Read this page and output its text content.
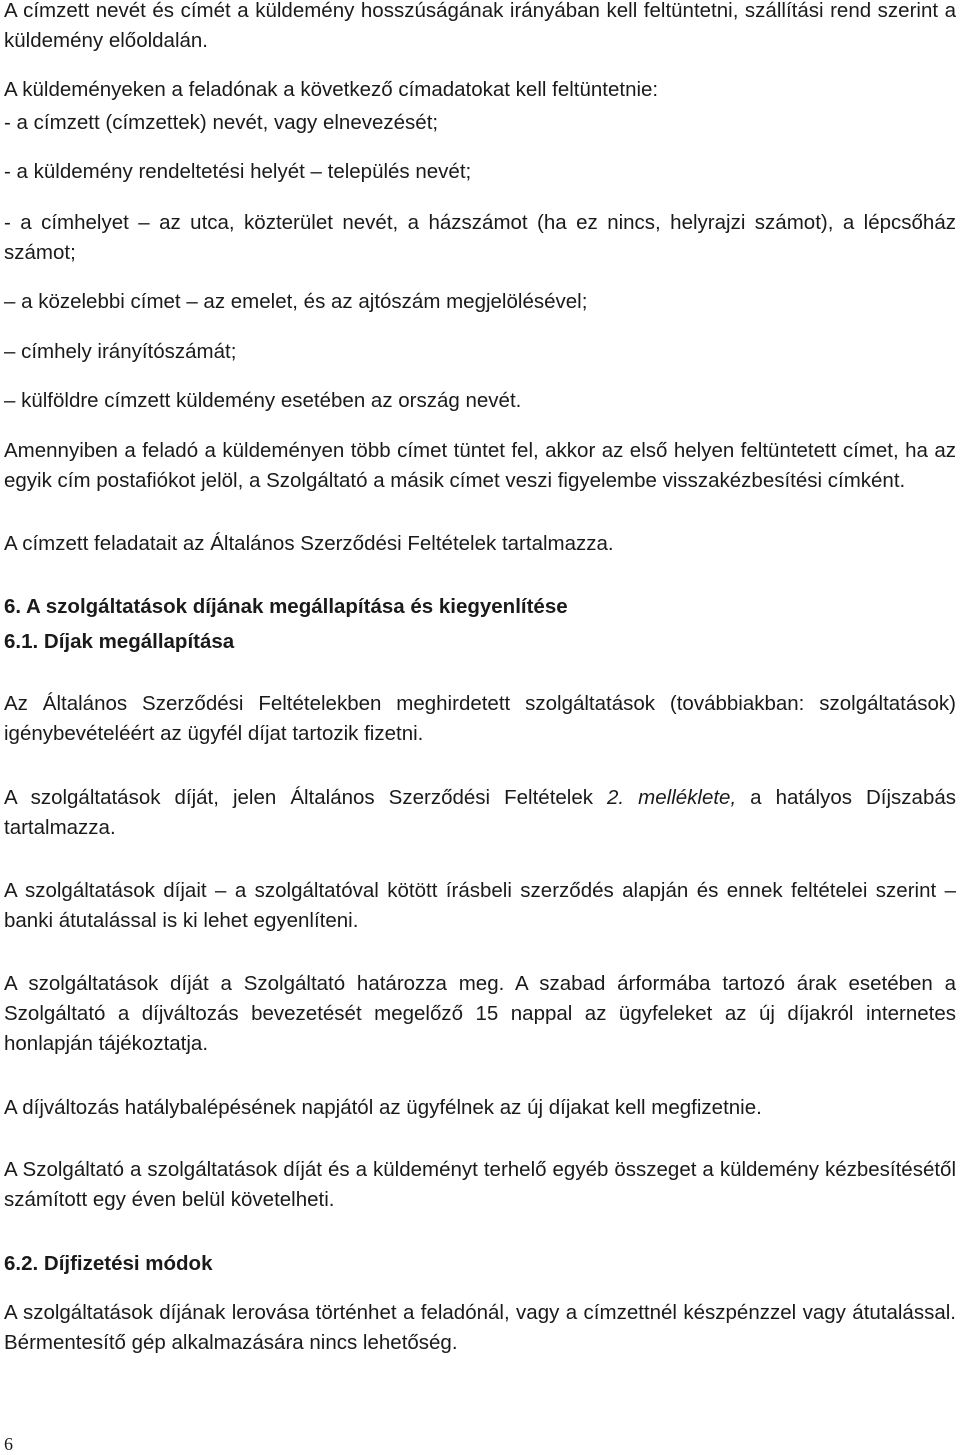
A címzett nevét és címét a küldemény hosszúságának irányában kell feltüntetni, szállítási rend szerint a küldemény előoldalán.
A küldeményeken a feladónak a következő címadatokat kell feltüntetnie:
- a címzett (címzettek) nevét, vagy elnevezését;
- a küldemény rendeltetési helyét – település nevét;
- a címhelyet – az utca, közterület nevét, a házszámot (ha ez nincs, helyrajzi számot), a lépcsőház számot;
– a közelebbi címet – az emelet, és az ajtószám megjelölésével;
– címhely irányítószámát;
– külföldre címzett küldemény esetében az ország nevét.
Amennyiben a feladó a küldeményen több címet tüntet fel, akkor az első helyen feltüntetett címet, ha az egyik cím postafiókot jelöl, a Szolgáltató a másik címet veszi figyelembe visszakézbesítési címként.
A címzett feladatait az Általános Szerződési Feltételek tartalmazza.
6. A szolgáltatások díjának megállapítása és kiegyenlítése
6.1. Díjak megállapítása
Az Általános Szerződési Feltételekben meghirdetett szolgáltatások (továbbiakban: szolgáltatások) igénybevételéért az ügyfél díjat tartozik fizetni.
A szolgáltatások díját, jelen Általános Szerződési Feltételek 2. melléklete, a hatályos Díjszabás tartalmazza.
A szolgáltatások díjait – a szolgáltatóval kötött írásbeli szerződés alapján és ennek feltételei szerint – banki átutalással is ki lehet egyenlíteni.
A szolgáltatások díját a Szolgáltató határozza meg. A szabad árformába tartozó árak esetében a Szolgáltató a díjváltozás bevezetését megelőző 15 nappal az ügyfeleket az új díjakról internetes honlapján tájékoztatja.
A díjváltozás hatálybalépésének napjától az ügyfélnek az új díjakat kell megfizetnie.
A Szolgáltató a szolgáltatások díját és a küldeményt terhelő egyéb összeget a küldemény kézbesítésétől számított egy éven belül követelheti.
6.2. Díjfizetési módok
A szolgáltatások díjának lerovása történhet a feladónál, vagy a címzettnél készpénzzel vagy átutalással. Bérmentesítő gép alkalmazására nincs lehetőség.
6
